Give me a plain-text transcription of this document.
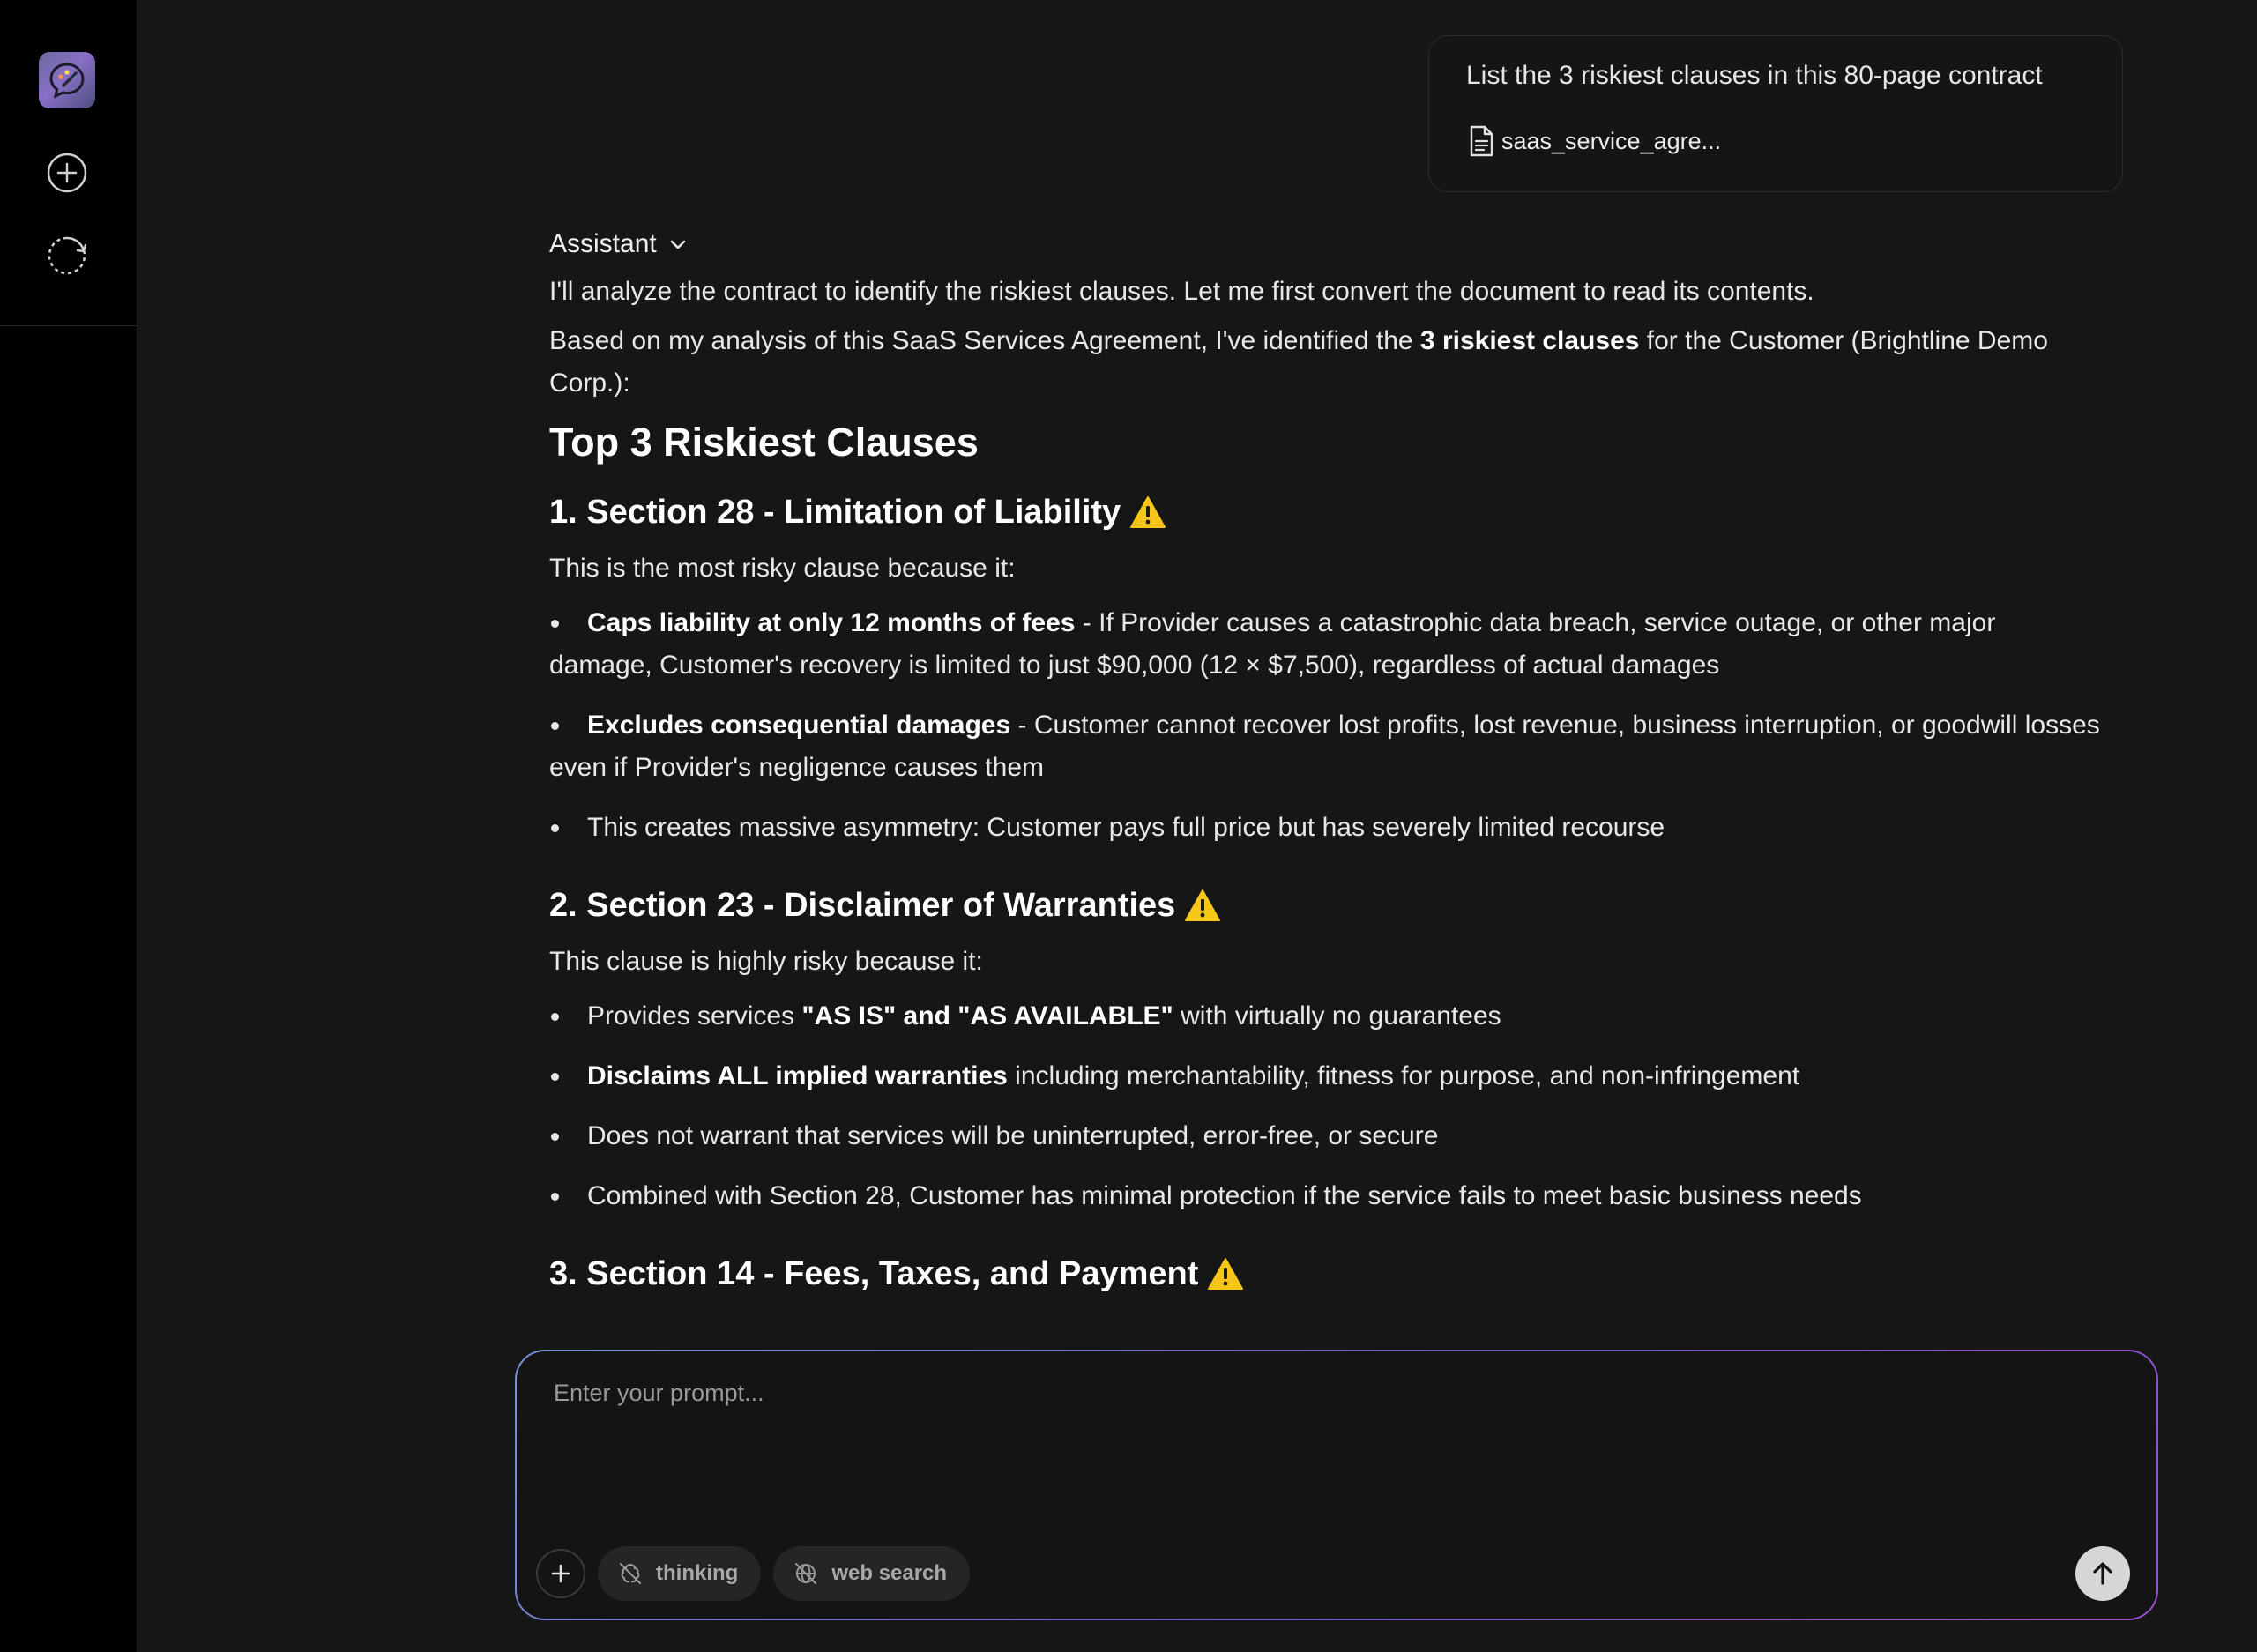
List the 3 riskiest clauses in this 80-page contract
saas_service_agre...
Assistant

I'll analyze the contract to identify the riskiest clauses. Let me first convert the document to read its contents.

Based on my analysis of this SaaS Services Agreement, I've identified the 3 riskiest clauses for the Customer (Brightline Demo Corp.):

Top 3 Riskiest Clauses
1. Section 28 - Limitation of Liability

This is the most risky clause because it:

Caps liability at only 12 months of fees - If Provider causes a catastrophic data breach, service outage, or other major damage, Customer's recovery is limited to just $90,000 (12 × $7,500), regardless of actual damages
Excludes consequential damages - Customer cannot recover lost profits, lost revenue, business interruption, or goodwill losses even if Provider's negligence causes them
This creates massive asymmetry: Customer pays full price but has severely limited recourse
2. Section 23 - Disclaimer of Warranties

This clause is highly risky because it:

Provides services "AS IS" and "AS AVAILABLE" with virtually no guarantees
Disclaims ALL implied warranties including merchantability, fitness for purpose, and non-infringement
Does not warrant that services will be uninterrupted, error-free, or secure
Combined with Section 28, Customer has minimal protection if the service fails to meet basic business needs
3. Section 14 - Fees, Taxes, and Payment
Enter your prompt...
thinking	web search
